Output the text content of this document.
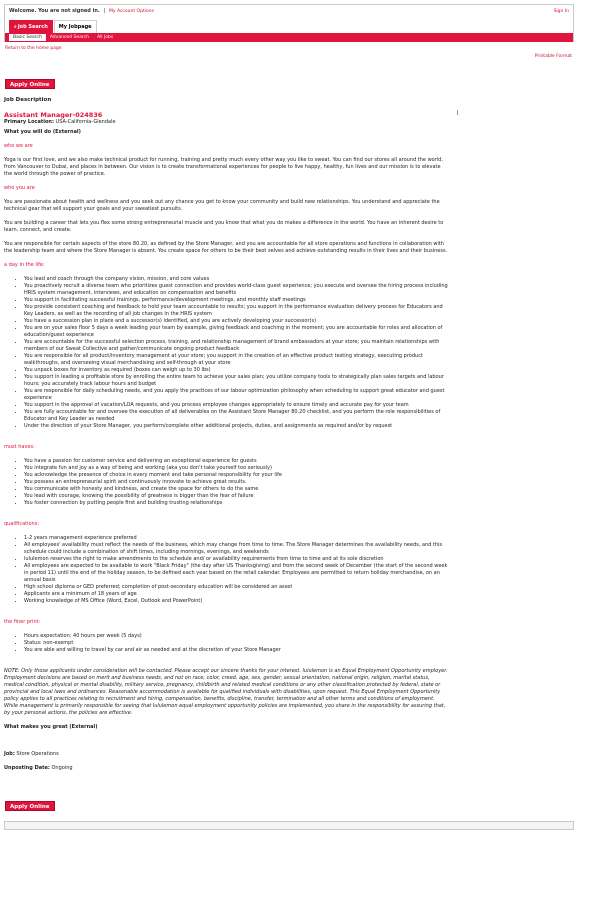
Welcome. You are not signed in. | My Account Options	Sign In
⌕Job Search My Jobpage
Basic Search Advanced Search All Jobs
Return to the home page
Printable Format
Apply Online
Job Description

Assistant Manager-024836

Primary Location: USA-California-Glendale

What you will do (External)

who we are

Yoga is our first love, and we also make technical product for running, training and pretty much every other way you like to sweat. You can find our stores all around the world, from Vancouver to Dubai, and places in between. Our vision is to create transformational experiences for people to live happy, healthy, fun lives and our mission is to elevate the world through the power of practice.

who you are

You are passionate about health and wellness and you seek out any chance you get to know your community and build new relationships. You understand and appreciate the technical gear that will support your goals and your sweatiest pursuits.

You are building a career that lets you flex some strong entrepreneurial muscle and you know that what you do makes a difference in the world. You have an inherent desire to learn, connect, and create.

You are responsible for certain aspects of the store 80.20, as defined by the Store Manager, and you are accountable for all store operations and functions in collaboration with the leadership team and where the Store Manager is absent. You create space for others to be their best selves and achieve outstanding results in their lives and their business.

a day in the life:

• You lead and coach through the company vision, mission, and core values
• You proactively recruit a diverse team who prioritizes guest connection and provides world-class guest experience; you execute and oversee the hiring process including HRIS system management, interviews, and education on compensation and benefits
• You support in facilitating successful trainings, performance/development meetings, and monthly staff meetings
• You provide consistent coaching and feedback to hold your team accountable to results; you support in the performance evaluation delivery process for Educators and Key Leaders, as well as the recording of all job changes in the HRIS system
• You have a succession plan in place and a successor(s) identified, and you are actively developing your successor(s)
• You are on your sales floor 5 days a week leading your team by example, giving feedback and coaching in the moment; you are accountable for roles and allocation of education/guest experience
• You are accountable for the successful selection process, training, and relationship management of brand ambassadors at your store; you maintain relationships with members of our Sweat Collective and gather/communicate ongoing product feedback
• You are responsible for all product/inventory management at your store; you support in the creation of an effective product testing strategy, executing product walkthroughs, and overseeing visual merchandising and self-through at your store
• You unpack boxes for inventory as required (boxes can weigh up to 30 lbs)
• You support in leading a profitable store by enrolling the entire team to achieve your sales plan; you utilize company tools to strategically plan sales targets and labour hours; you accurately track labour hours and budget
• You are responsible for daily scheduling needs, and you apply the practices of our labour optimization philosophy when scheduling to support great educator and guest experience
• You support in the approval of vacation/LOA requests, and you process employee changes appropriately to ensure timely and accurate pay for your team
• You are fully accountable for and oversee the execution of all deliverables on the Assistant Store Manager 80.20 checklist, and you perform the role responsibilities of Educator and Key Leader as needed
• Under the direction of your Store Manager, you perform/complete other additional projects, duties, and assignments as required and/or by request

must haves:

• You have a passion for customer service and delivering an exceptional experience for guests
• You integrate fun and joy as a way of being and working (aka you don't take yourself too seriously)
• You acknowledge the presence of choice in every moment and take personal responsibility for your life
• You possess an entrepreneurial spirit and continuously innovate to achieve great results.
• You communicate with honesty and kindness, and create the space for others to do the same
• You lead with courage, knowing the possibility of greatness is bigger than the fear of failure
• You foster connection by putting people first and building trusting relationships

qualifications:

• 1-2 years management experience preferred
• All employees' availability must reflect the needs of the business, which may change from time to time. The Store Manager determines the availability needs, and this schedule could include a combination of shift times, including mornings, evenings, and weekends
• lululemon reserves the right to make amendments to the schedule and/ or availability requirements from time to time and at its sole discretion
• All employees are expected to be available to work "Black Friday" (the day after US Thanksgiving) and from the second week of December (the start of the second week in period 11) until the end of the holiday season, to be defined each year based on the retail calendar. Employees are permitted to return holiday merchandise, on an annual basis
• High school diploma or GED preferred; completion of post-secondary education will be considered an asset
• Applicants are a minimum of 18 years of age
• Working knowledge of MS Office (Word, Excel, Outlook and PowerPoint)

the finer print:

• Hours expectation: 40 hours per week (5 days)
• Status: non-exempt
• You are able and willing to travel by car and air as needed and at the discretion of your Store Manager

NOTE: Only those applicants under consideration will be contacted. Please accept our sincere thanks for your interest. lululemon is an Equal Employment Opportunity employer. Employment decisions are based on merit and business needs, and not on race, color, creed, age, sex, gender, sexual orientation, national origin, religion, marital status, medical condition, physical or mental disability, military service, pregnancy, childbirth and related medical conditions or any other classification protected by federal, state or provincial and local laws and ordinances. Reasonable accommodation is available for qualified individuals with disabilities, upon request. This Equal Employment Opportunity policy applies to all practices relating to recruitment and hiring, compensation, benefits, discipline, transfer, termination and all other terms and conditions of employment. While management is primarily responsible for seeing that lululemon equal employment opportunity policies are implemented, you share in the responsibility for assuring that, by your personal actions, the policies are effective.

What makes you great (External)

Job: Store Operations

Unposting Date: Ongoing

Apply Online
